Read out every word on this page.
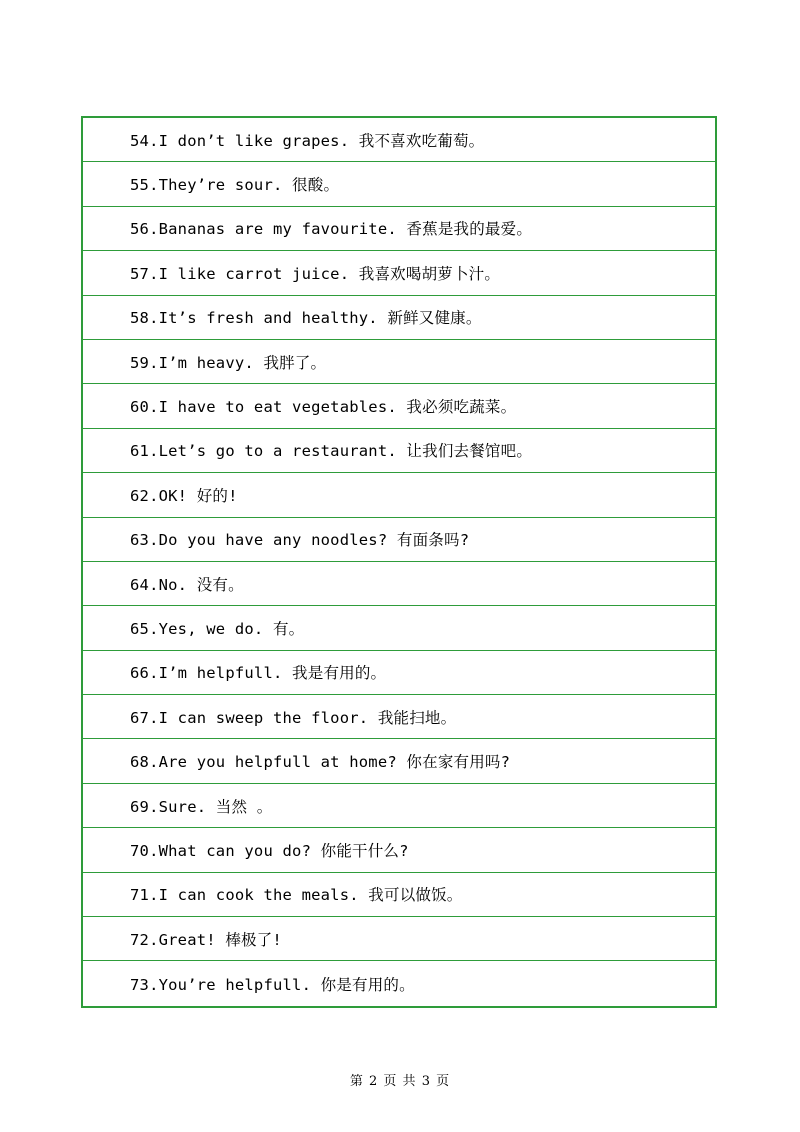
54.I don’t like grapes. 我不喜欢吃葡萄。
55.They’re sour. 很酸。
56.Bananas are my favourite. 香蕉是我的最爱。
57.I like carrot juice. 我喜欢喝胡萝卜汁。
58.It’s fresh and healthy. 新鲜又健康。
59.I’m heavy. 我胖了。
60.I have to eat vegetables. 我必须吃蔬菜。
61.Let’s go to a restaurant. 让我们去餐馆吧。
62.OK! 好的!
63.Do you have any noodles? 有面条吗?
64.No. 没有。
65.Yes, we do. 有。
66.I’m helpfull. 我是有用的。
67.I can sweep the floor. 我能扫地。
68.Are you helpfull at home? 你在家有用吗?
69.Sure. 当然 。
70.What can you do? 你能干什么?
71.I can cook the meals. 我可以做饭。
72.Great! 棒极了!
73.You’re helpfull. 你是有用的。
第 2 页 共 3 页
